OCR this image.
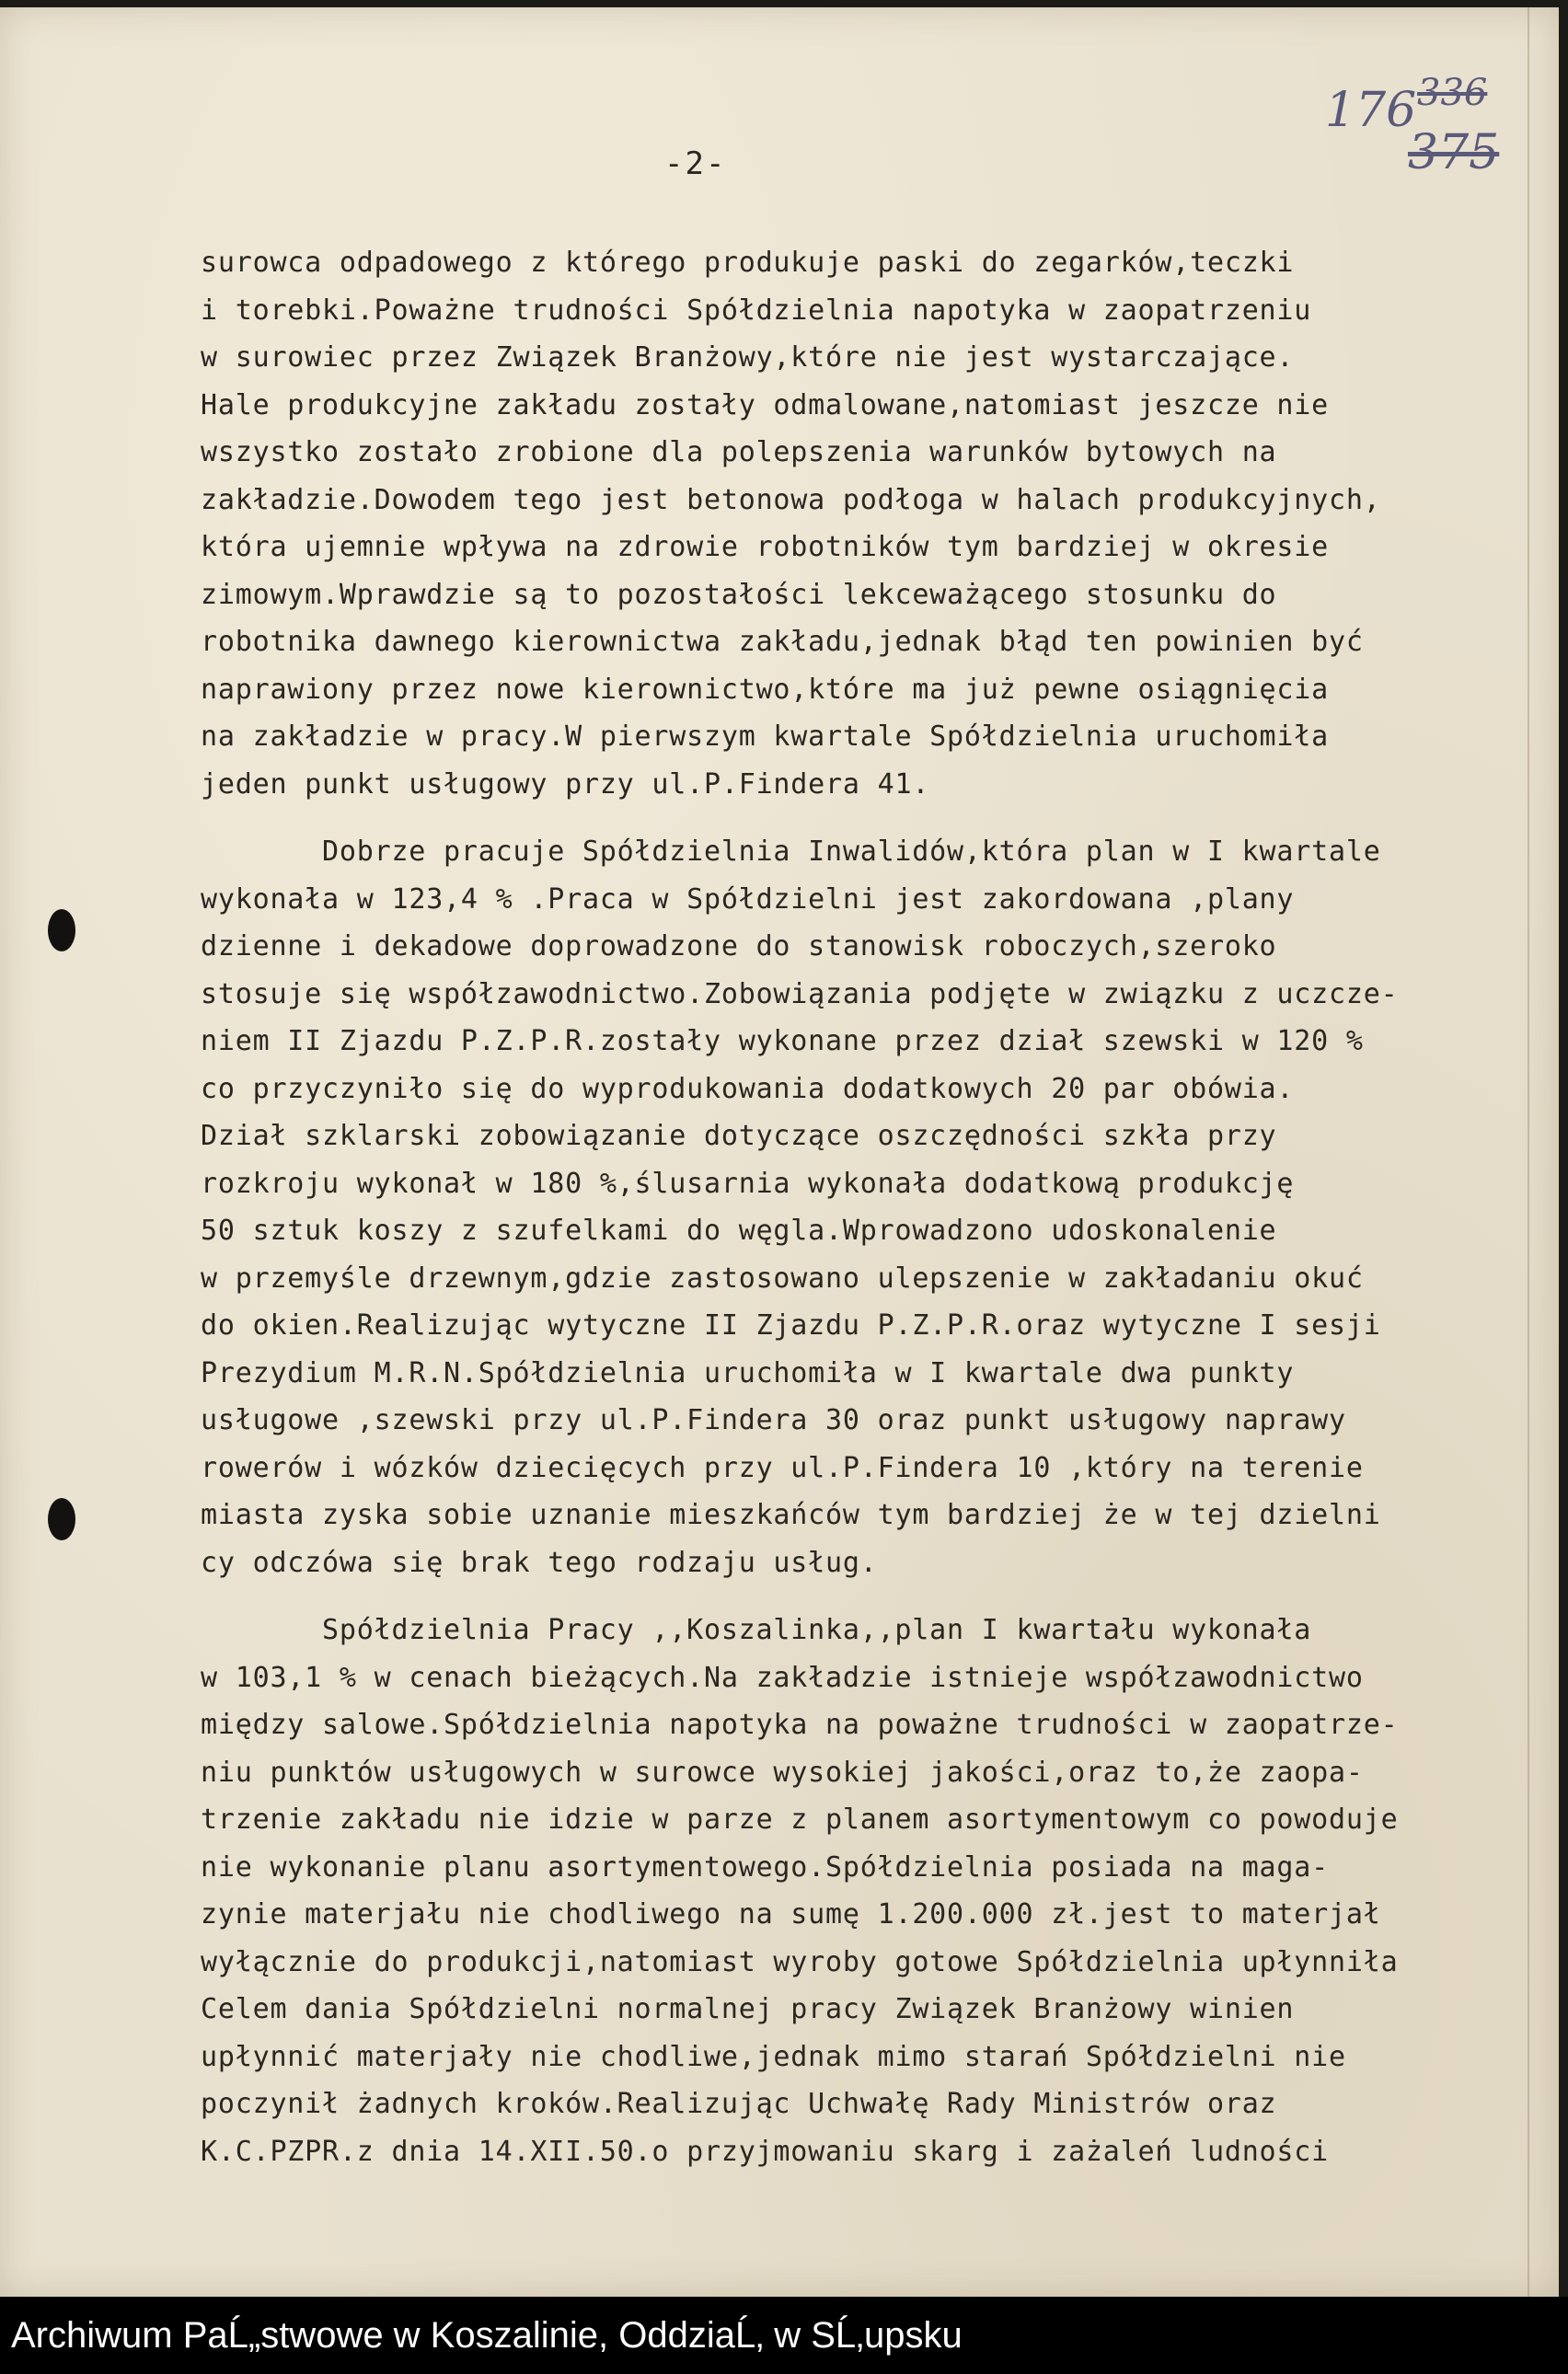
-2-
176 336
375
surowca odpadowego z którego produkuje paski do zegarków,teczki
i torebki.Poważne trudności Spółdzielnia napotyka w zaopatrzeniu
w surowiec przez Związek Branżowy,które nie jest wystarczające.
Hale produkcyjne zakładu zostały odmalowane,natomiast jeszcze nie
wszystko zostało zrobione dla polepszenia warunków bytowych na
zakładzie.Dowodem tego jest betonowa podłoga w halach produkcyjnych,
która ujemnie wpływa na zdrowie robotników tym bardziej w okresie
zimowym.Wprawdzie są to pozostałości lekceważącego stosunku do
robotnika dawnego kierownictwa zakładu,jednak błąd ten powinien być
naprawiony przez nowe kierownictwo,które ma już pewne osiągnięcia
na zakładzie w pracy.W pierwszym kwartale Spółdzielnia uruchomiła
jeden punkt usługowy przy ul.P.Findera 41.
Dobrze pracuje Spółdzielnia Inwalidów,która plan w I kwartale
wykonała w 123,4 % .Praca w Spółdzielni jest zakordowana ,plany
dzienne i dekadowe doprowadzone do stanowisk roboczych,szeroko
stosuje się współzawodnictwo.Zobowiązania podjęte w związku z uczcze-
niem II Zjazdu P.Z.P.R.zostały wykonane przez dział szewski w 120 %
co przyczyniło się do wyprodukowania dodatkowych 20 par obówia.
Dział szklarski zobowiązanie dotyczące oszczędności szkła przy
rozkroju wykonał w 180 %,ślusarnia wykonała dodatkową produkcję
50 sztuk koszy z szufelkami do węgla.Wprowadzono udoskonalenie
w przemyśle drzewnym,gdzie zastosowano ulepszenie w zakładaniu okuć
do okien.Realizując wytyczne II Zjazdu P.Z.P.R.oraz wytyczne I sesji
Prezydium M.R.N.Spółdzielnia uruchomiła w I kwartale dwa punkty
usługowe ,szewski przy ul.P.Findera 30 oraz punkt usługowy naprawy
rowerów i wózków dziecięcych przy ul.P.Findera 10 ,który na terenie
miasta zyska sobie uznanie mieszkańców tym bardziej że w tej dzielni
cy odczówa się brak tego rodzaju usług.
Spółdzielnia Pracy ,,Koszalinka,,plan I kwartału wykonała
w 103,1 % w cenach bieżących.Na zakładzie istnieje współzawodnictwo
między salowe.Spółdzielnia napotyka na poważne trudności w zaopatrze-
niu punktów usługowych w surowce wysokiej jakości,oraz to,że zaopa-
trzenie zakładu nie idzie w parze z planem asortymentowym co powoduje
nie wykonanie planu asortymentowego.Spółdzielnia posiada na maga-
zynie materjału nie chodliwego na sumę 1.200.000 zł.jest to materjał
wyłącznie do produkcji,natomiast wyroby gotowe Spółdzielnia upłynniła
Celem dania Spółdzielni normalnej pracy Związek Branżowy winien
upłynnić materjały nie chodliwe,jednak mimo starań Spółdzielni nie
poczynił żadnych kroków.Realizując Uchwałę Rady Ministrów oraz
K.C.PZPR.z dnia 14.XII.50.o przyjmowaniu skarg i zażaleń ludności
Archiwum PaĹ„stwowe w Koszalinie, OddziaĹ‚ w SĹ‚upsku
